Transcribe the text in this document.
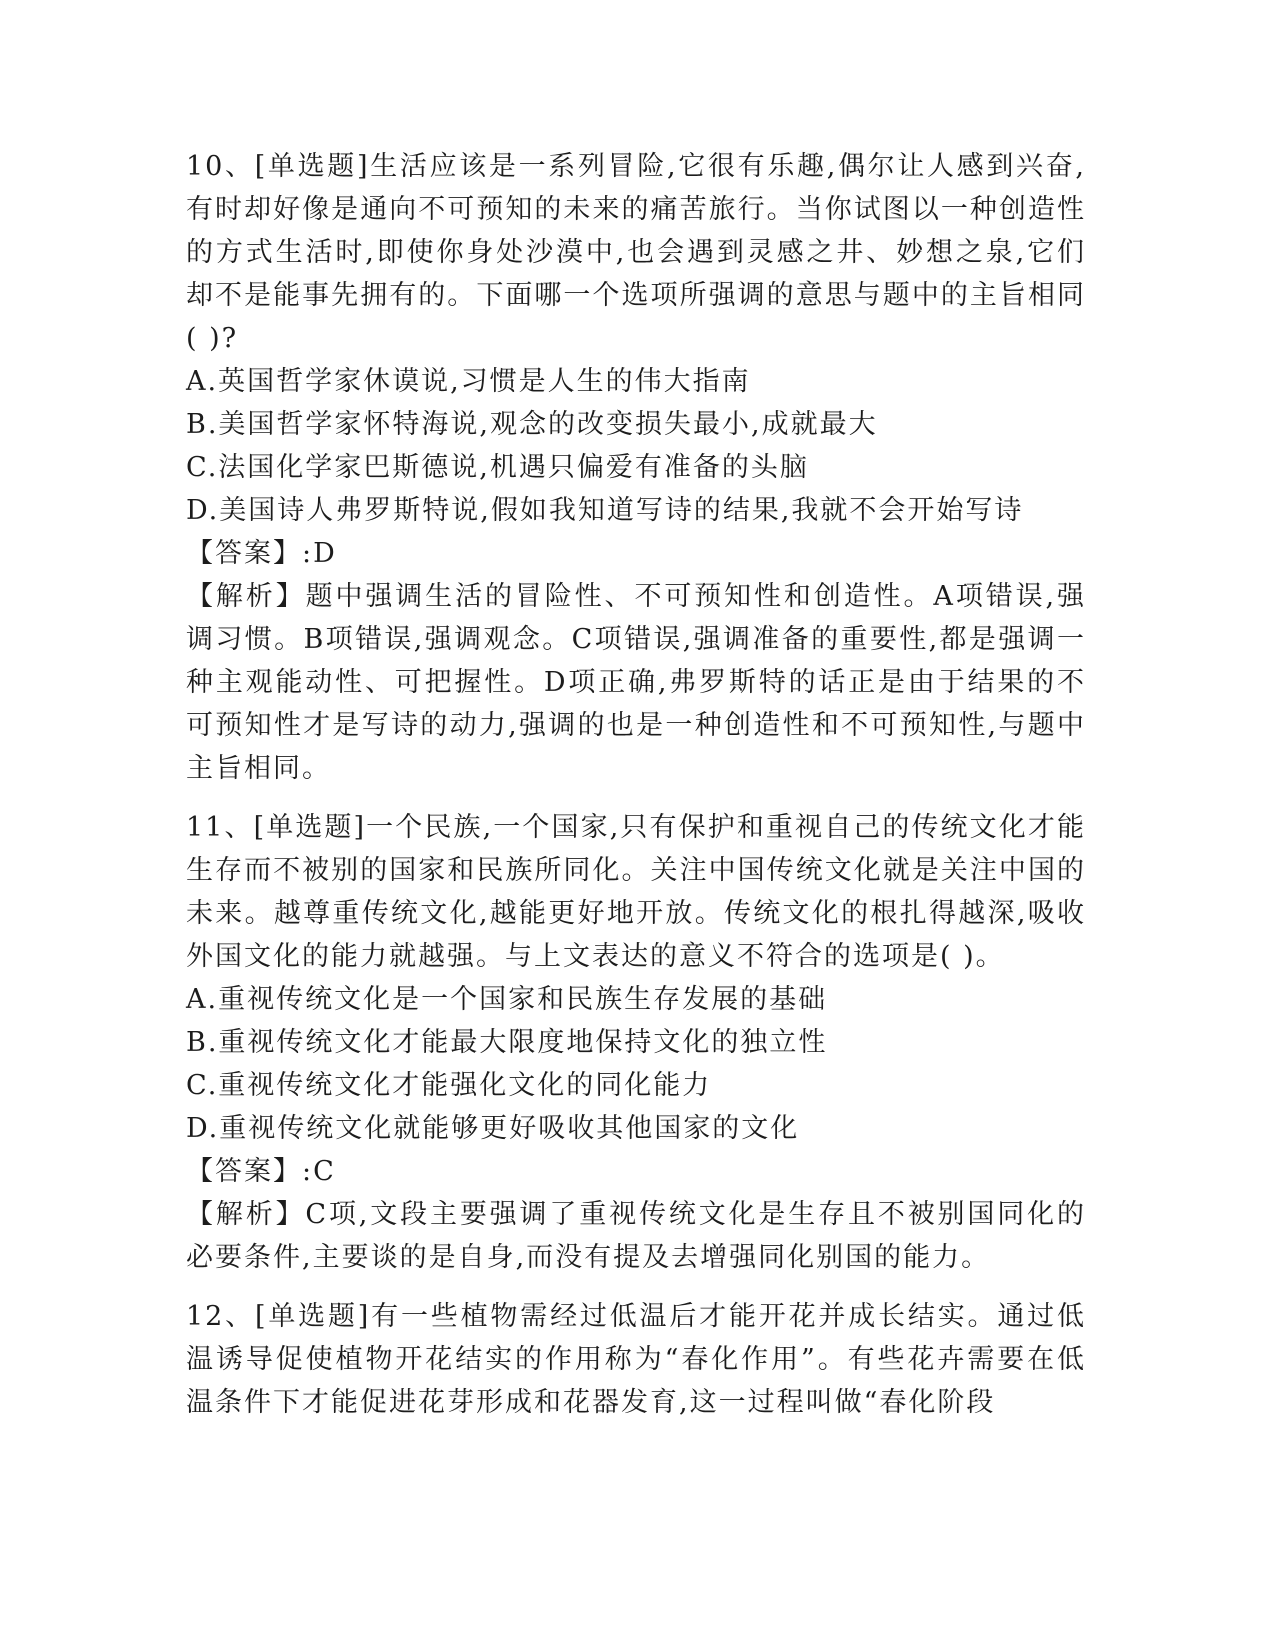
10、[单选题]生活应该是一系列冒险,它很有乐趣,偶尔让人感到兴奋,有时却好像是通向不可预知的未来的痛苦旅行。当你试图以一种创造性的方式生活时,即使你身处沙漠中,也会遇到灵感之井、妙想之泉,它们却不是能事先拥有的。下面哪一个选项所强调的意思与题中的主旨相同( )?
A.英国哲学家休谟说,习惯是人生的伟大指南
B.美国哲学家怀特海说,观念的改变损失最小,成就最大
C.法国化学家巴斯德说,机遇只偏爱有准备的头脑
D.美国诗人弗罗斯特说,假如我知道写诗的结果,我就不会开始写诗
【答案】:D
【解析】题中强调生活的冒险性、不可预知性和创造性。A项错误,强调习惯。B项错误,强调观念。C项错误,强调准备的重要性,都是强调一种主观能动性、可把握性。D项正确,弗罗斯特的话正是由于结果的不可预知性才是写诗的动力,强调的也是一种创造性和不可预知性,与题中主旨相同。
11、[单选题]一个民族,一个国家,只有保护和重视自己的传统文化才能生存而不被别的国家和民族所同化。关注中国传统文化就是关注中国的未来。越尊重传统文化,越能更好地开放。传统文化的根扎得越深,吸收外国文化的能力就越强。与上文表达的意义不符合的选项是( )。
A.重视传统文化是一个国家和民族生存发展的基础
B.重视传统文化才能最大限度地保持文化的独立性
C.重视传统文化才能强化文化的同化能力
D.重视传统文化就能够更好吸收其他国家的文化
【答案】:C
【解析】C项,文段主要强调了重视传统文化是生存且不被别国同化的必要条件,主要谈的是自身,而没有提及去增强同化别国的能力。
12、[单选题]有一些植物需经过低温后才能开花并成长结实。通过低温诱导促使植物开花结实的作用称为“春化作用”。有些花卉需要在低温条件下才能促进花芽形成和花器发育,这一过程叫做“春化阶段
